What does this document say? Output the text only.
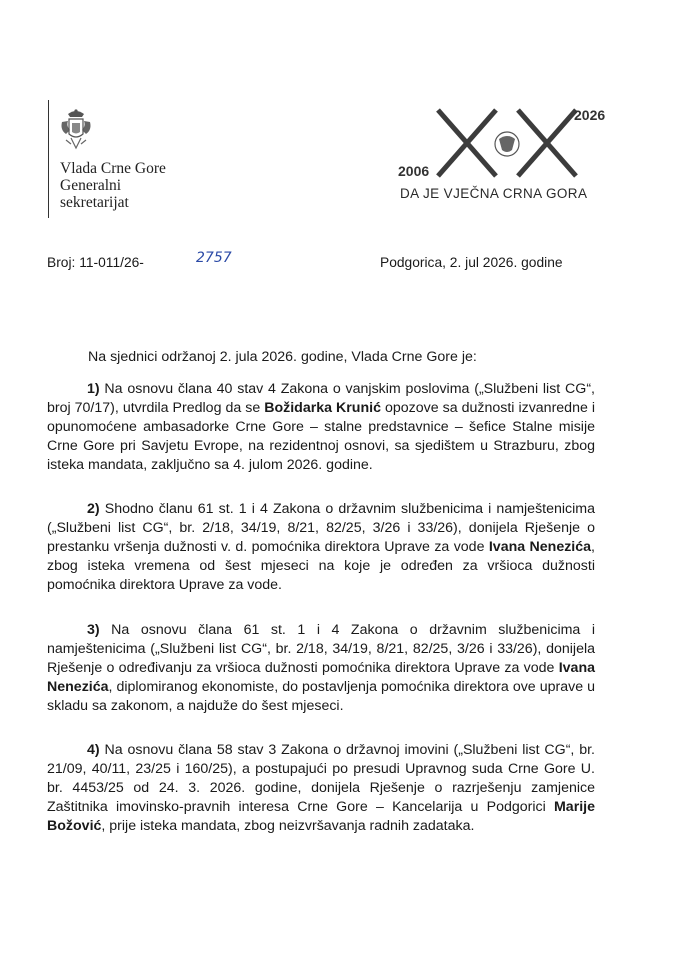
Vlada Crne Gore
Generalni
sekretarijat
2006
2026
DA JE VJEČNA CRNA GORA
Broj: 11-011/26-	2757	Podgorica, 2. jul 2026. godine
Na sjednici održanoj 2. jula 2026. godine, Vlada Crne Gore je:
1) Na osnovu člana 40 stav 4 Zakona o vanjskim poslovima („Službeni list CG“, broj 70/17), utvrdila Predlog da se Božidarka Krunić opozove sa dužnosti izvanredne i opunomoćene ambasadorke Crne Gore – stalne predstavnice – šefice Stalne misije Crne Gore pri Savjetu Evrope, na rezidentnoj osnovi, sa sjedištem u Strazburu, zbog isteka mandata, zaključno sa 4. julom 2026. godine.
2) Shodno članu 61 st. 1 i 4 Zakona o državnim službenicima i namještenicima („Službeni list CG“, br. 2/18, 34/19, 8/21, 82/25, 3/26 i 33/26), donijela Rješenje o prestanku vršenja dužnosti v. d. pomoćnika direktora Uprave za vode Ivana Nenezića, zbog isteka vremena od šest mjeseci na koje je određen za vršioca dužnosti pomoćnika direktora Uprave za vode.
3) Na osnovu člana 61 st. 1 i 4 Zakona o državnim službenicima i namještenicima („Službeni list CG“, br. 2/18, 34/19, 8/21, 82/25, 3/26 i 33/26), donijela Rješenje o određivanju za vršioca dužnosti pomoćnika direktora Uprave za vode Ivana Nenezića, diplomiranog ekonomiste, do postavljenja pomoćnika direktora ove uprave u skladu sa zakonom, a najduže do šest mjeseci.
4) Na osnovu člana 58 stav 3 Zakona o državnoj imovini („Službeni list CG“, br. 21/09, 40/11, 23/25 i 160/25), a postupajući po presudi Upravnog suda Crne Gore U. br. 4453/25 od 24. 3. 2026. godine, donijela Rješenje o razrješenju zamjenice Zaštitnika imovinsko-pravnih interesa Crne Gore – Kancelarija u Podgorici Marije Božović, prije isteka mandata, zbog neizvršavanja radnih zadataka.
